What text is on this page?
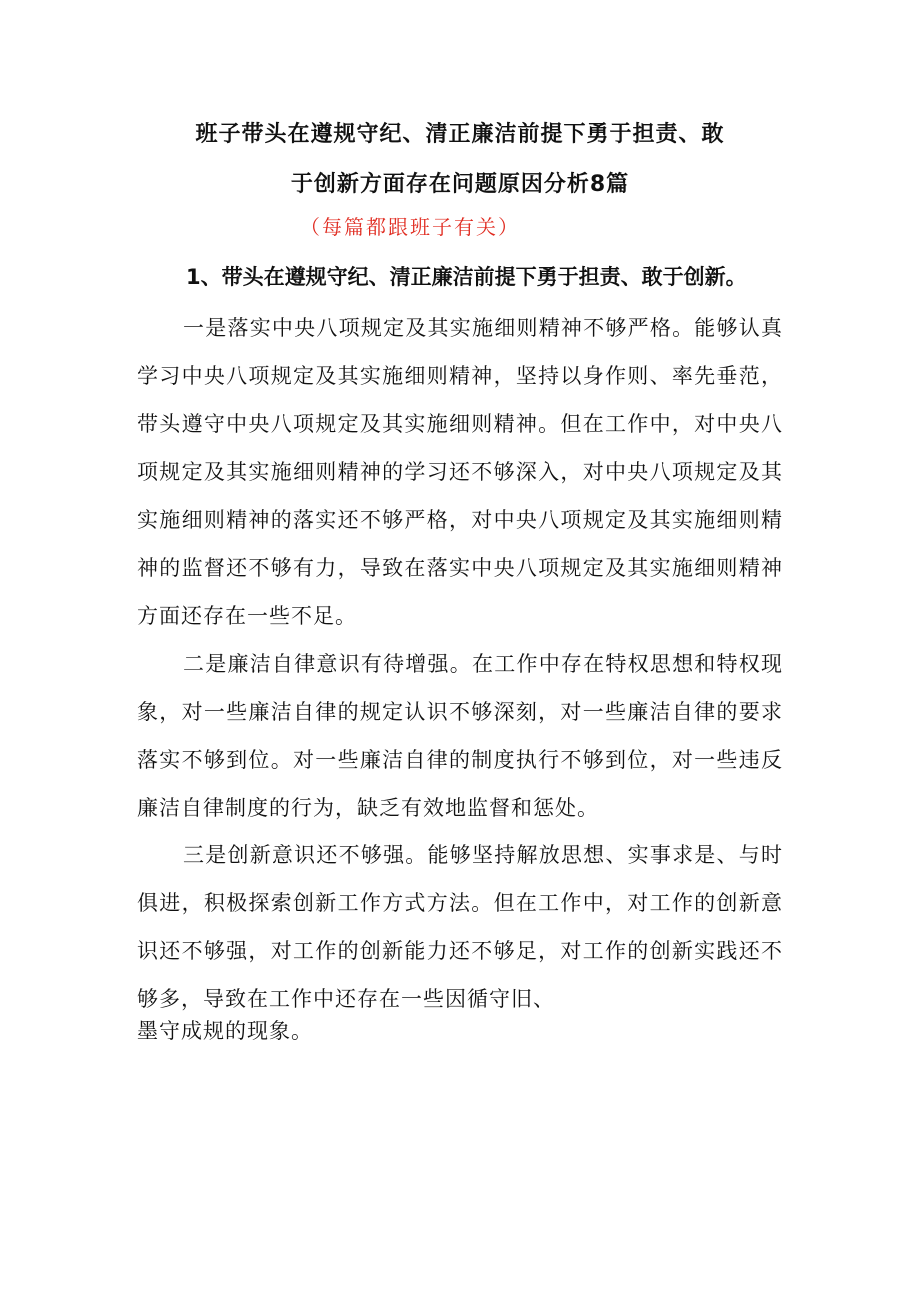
班子带头在遵规守纪、清正廉洁前提下勇于担责、敢
于创新方面存在问题原因分析8篇
（每篇都跟班子有关）
1、带头在遵规守纪、清正廉洁前提下勇于担责、敢于创新。

一是落实中央八项规定及其实施细则精神不够严格。能够认真学习中央八项规定及其实施细则精神，坚持以身作则、率先垂范，带头遵守中央八项规定及其实施细则精神。但在工作中，对中央八项规定及其实施细则精神的学习还不够深入，对中央八项规定及其实施细则精神的落实还不够严格，对中央八项规定及其实施细则精神的监督还不够有力，导致在落实中央八项规定及其实施细则精神方面还存在一些不足。

二是廉洁自律意识有待增强。在工作中存在特权思想和特权现象，对一些廉洁自律的规定认识不够深刻，对一些廉洁自律的要求落实不够到位。对一些廉洁自律的制度执行不够到位，对一些违反廉洁自律制度的行为，缺乏有效地监督和惩处。

三是创新意识还不够强。能够坚持解放思想、实事求是、与时俱进，积极探索创新工作方式方法。但在工作中，对工作的创新意识还不够强，对工作的创新能力还不够足，对工作的创新实践还不够多，导致在工作中还存在一些因循守旧、

墨守成规的现象。
